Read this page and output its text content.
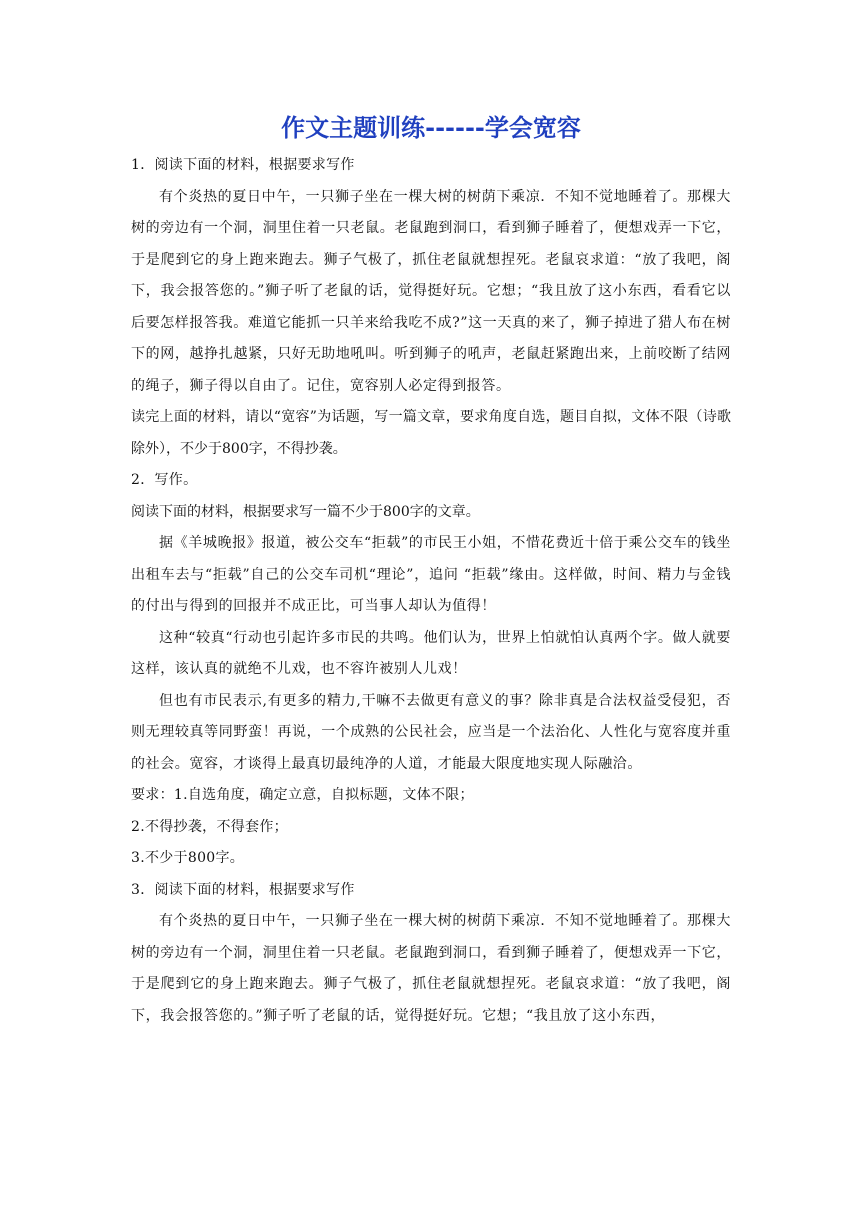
作文主题训练------学会宽容

1．阅读下面的材料，根据要求写作

有个炎热的夏日中午，一只狮子坐在一棵大树的树荫下乘凉．不知不觉地睡着了。那棵大树的旁边有一个洞，洞里住着一只老鼠。老鼠跑到洞口，看到狮子睡着了，便想戏弄一下它，于是爬到它的身上跑来跑去。狮子气极了，抓住老鼠就想捏死。老鼠哀求道：“放了我吧，阁下，我会报答您的。”狮子听了老鼠的话，觉得挺好玩。它想；“我且放了这小东西，看看它以后要怎样报答我。难道它能抓一只羊来给我吃不成?”这一天真的来了，狮子掉进了猎人布在树下的网，越挣扎越紧，只好无助地吼叫。听到狮子的吼声，老鼠赶紧跑出来，上前咬断了结网的绳子，狮子得以自由了。记住，宽容别人必定得到报答。

读完上面的材料，请以“宽容”为话题，写一篇文章，要求角度自选，题目自拟，文体不限（诗歌除外），不少于800字，不得抄袭。

2．写作。

阅读下面的材料，根据要求写一篇不少于800字的文章。

据《羊城晚报》报道，被公交车“拒载”的市民王小姐，不惜花费近十倍于乘公交车的钱坐出租车去与“拒载”自己的公交车司机“理论”，追问 “拒载”缘由。这样做，时间、精力与金钱的付出与得到的回报并不成正比，可当事人却认为值得！

这种“较真“行动也引起许多市民的共鸣。他们认为，世界上怕就怕认真两个字。做人就要这样，该认真的就绝不儿戏，也不容许被别人儿戏！

但也有市民表示,有更多的精力,干嘛不去做更有意义的事？除非真是合法权益受侵犯，否则无理较真等同野蛮！再说，一个成熟的公民社会，应当是一个法治化、人性化与宽容度并重的社会。宽容，才谈得上最真切最纯净的人道，才能最大限度地实现人际融洽。

要求：1.自选角度，确定立意，自拟标题，文体不限；

2.不得抄袭，不得套作；

3.不少于800字。

3．阅读下面的材料，根据要求写作

有个炎热的夏日中午，一只狮子坐在一棵大树的树荫下乘凉．不知不觉地睡着了。那棵大树的旁边有一个洞，洞里住着一只老鼠。老鼠跑到洞口，看到狮子睡着了，便想戏弄一下它，于是爬到它的身上跑来跑去。狮子气极了，抓住老鼠就想捏死。老鼠哀求道：“放了我吧，阁下，我会报答您的。”狮子听了老鼠的话，觉得挺好玩。它想；“我且放了这小东西，
